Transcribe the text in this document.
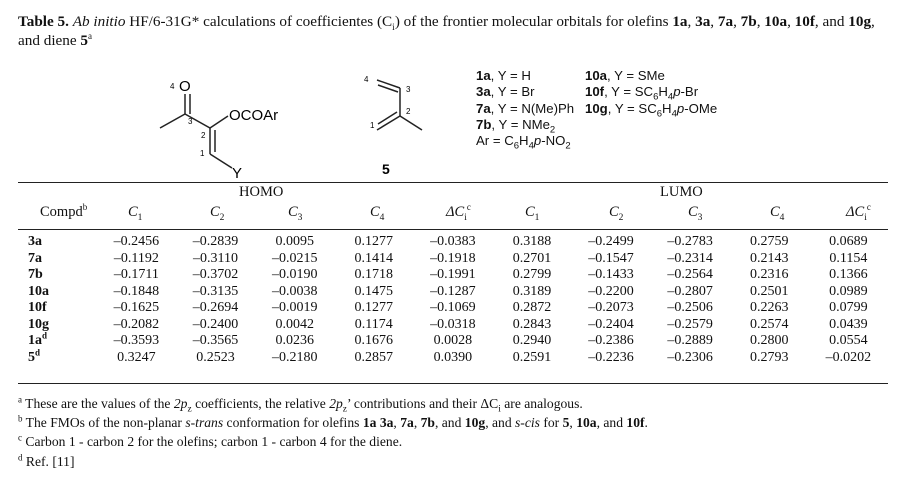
Table 5. Ab initio HF/6-31G* calculations of coefficientes $(C_i)$ of the frontier molecular orbitals for olefins 1a, 3a, 7a, 7b, 10a, 10f, and 10g,
and diene 5$^a$
O
4
3
2
1
OCOAr
Y
4
3
2
1
5
1a, Y = H
3a, Y = Br
7a, Y = N(Me)Ph
7b, Y = NMe$_2$
$Ar = C_6H_4p-NO_2$
10a, Y = SMe
10f, $Y = SC_6H_4p-Br$
10g, $Y = SC_6H_4p$-OMe
HOMO	LUMO
Compd$^b$	$C_1$	$C_2$	$C_3$	$C_4$	$\Delta C_i^c$	$C_1$	$C_2$	$C_3$	$C_4$	$\Delta C_i^c$
3a	–0.2456	–0.2839	0.0095	0.1277	–0.0383	0.3188	–0.2499	–0.2783	0.2759	0.0689
7a	–0.1192	–0.3110	–0.0215	0.1414	–0.1918	0.2701	–0.1547	–0.2314	0.2143	0.1154
7b	–0.1711	–0.3702	–0.0190	0.1718	–0.1991	0.2799	–0.1433	–0.2564	0.2316	0.1366
10a	–0.1848	–0.3135	–0.0038	0.1475	–0.1287	0.3189	–0.2200	–0.2807	0.2501	0.0989
10f	–0.1625	–0.2694	–0.0019	0.1277	–0.1069	0.2872	–0.2073	–0.2506	0.2263	0.0799
10g	–0.2082	–0.2400	0.0042	0.1174	–0.0318	0.2843	–0.2404	–0.2579	0.2574	0.0439
$1a^d$	–0.3593	–0.3565	0.0236	0.1676	0.0028	0.2940	–0.2386	–0.2889	0.2800	0.0554
5$^d$	0.3247	0.2523	–0.2180	0.2857	0.0390	0.2591	–0.2236	–0.2306	0.2793	–0.0202
$^a$ These are the values of the $2p_z$ coefficients, the relative $2p_z$’ contributions and their $\Delta C_i$ are analogous.
$^b$ The FMOs of the non-planar s-trans conformation for olefins 1a 3a, 7a, 7b, and 10g, and s-cis for 5, 10a, and 10f.
$^c$ Carbon 1 - carbon 2 for the olefins; carbon 1 - carbon 4 for the diene.
$^d$ Ref. [11]
